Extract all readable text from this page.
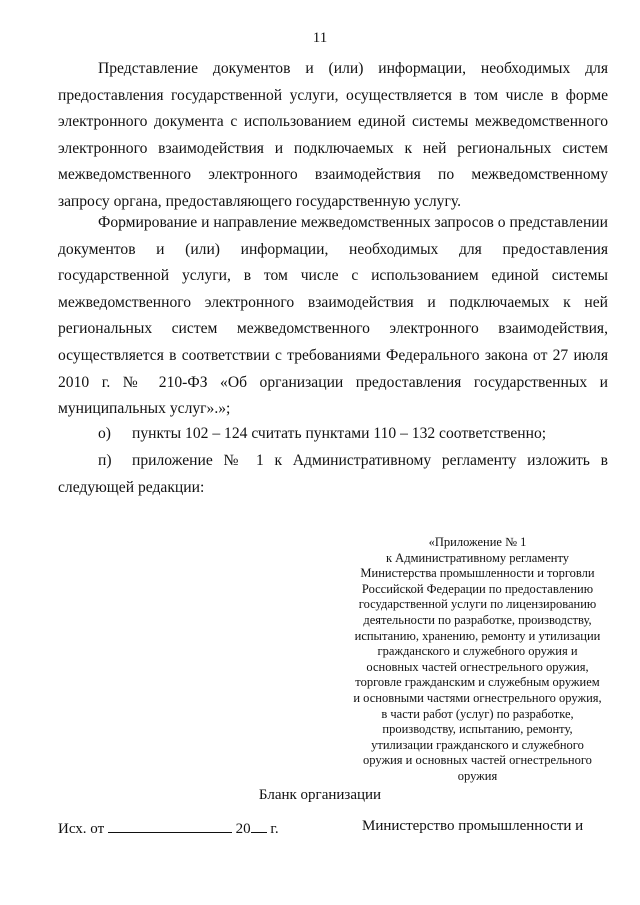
11

Представление документов и (или) информации, необходимых для предоставления государственной услуги, осуществляется в том числе в форме электронного документа с использованием единой системы межведомственного электронного взаимодействия и подключаемых к ней региональных систем межведомственного электронного взаимодействия по межведомственному запросу органа, предоставляющего государственную услугу.

Формирование и направление межведомственных запросов о представлении документов и (или) информации, необходимых для предоставления государственной услуги, в том числе с использованием единой системы межведомственного электронного взаимодействия и подключаемых к ней региональных систем межведомственного электронного взаимодействия, осуществляется в соответствии с требованиями Федерального закона от 27 июля 2010 г. № 210-ФЗ «Об организации предоставления государственных и муниципальных услуг».»;

о) пункты 102 – 124 считать пунктами 110 – 132 соответственно;

п) приложение № 1 к Административному регламенту изложить в следующей редакции:

«Приложение № 1
к Административному регламенту
Министерства промышленности и торговли
Российской Федерации по предоставлению
государственной услуги по лицензированию
деятельности по разработке, производству,
испытанию, хранению, ремонту и утилизации
гражданского и служебного оружия и
основных частей огнестрельного оружия,
торговле гражданским и служебным оружием
и основными частями огнестрельного оружия,
в части работ (услуг) по разработке,
производству, испытанию, ремонту,
утилизации гражданского и служебного
оружия и основных частей огнестрельного
оружия
Бланк организации
Исх. от	20 г.	Министерство промышленности и
